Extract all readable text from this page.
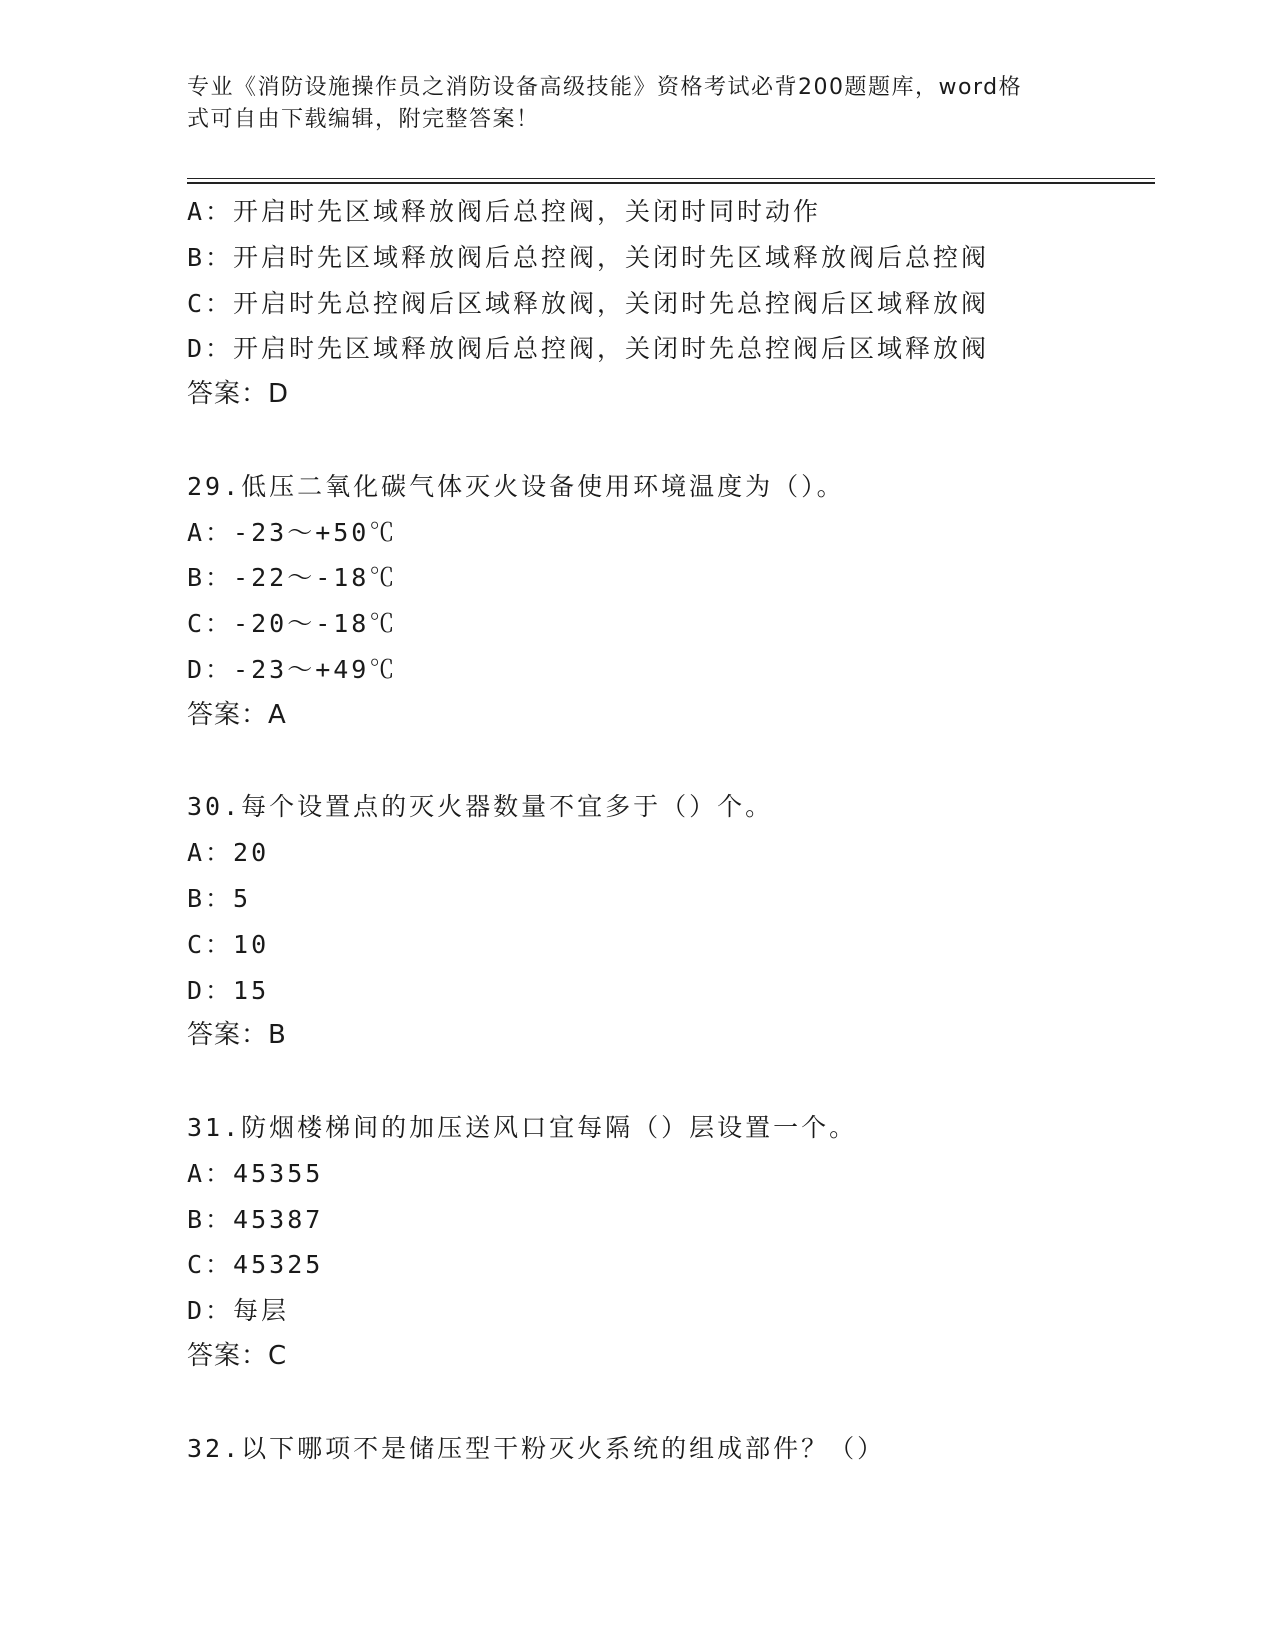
专业《消防设施操作员之消防设备高级技能》资格考试必背200题题库，word格
式可自由下载编辑，附完整答案！
A：开启时先区域释放阀后总控阀，关闭时同时动作
B：开启时先区域释放阀后总控阀，关闭时先区域释放阀后总控阀
C：开启时先总控阀后区域释放阀，关闭时先总控阀后区域释放阀
D：开启时先区域释放阀后总控阀，关闭时先总控阀后区域释放阀
答案：D
29.低压二氧化碳气体灭火设备使用环境温度为（）。
A：-23～+50℃
B：-22～-18℃
C：-20～-18℃
D：-23～+49℃
答案：A
30.每个设置点的灭火器数量不宜多于（）个。
A：20
B：5
C：10
D：15
答案：B
31.防烟楼梯间的加压送风口宜每隔（）层设置一个。
A：45355
B：45387
C：45325
D：每层
答案：C
32.以下哪项不是储压型干粉灭火系统的组成部件？（）
